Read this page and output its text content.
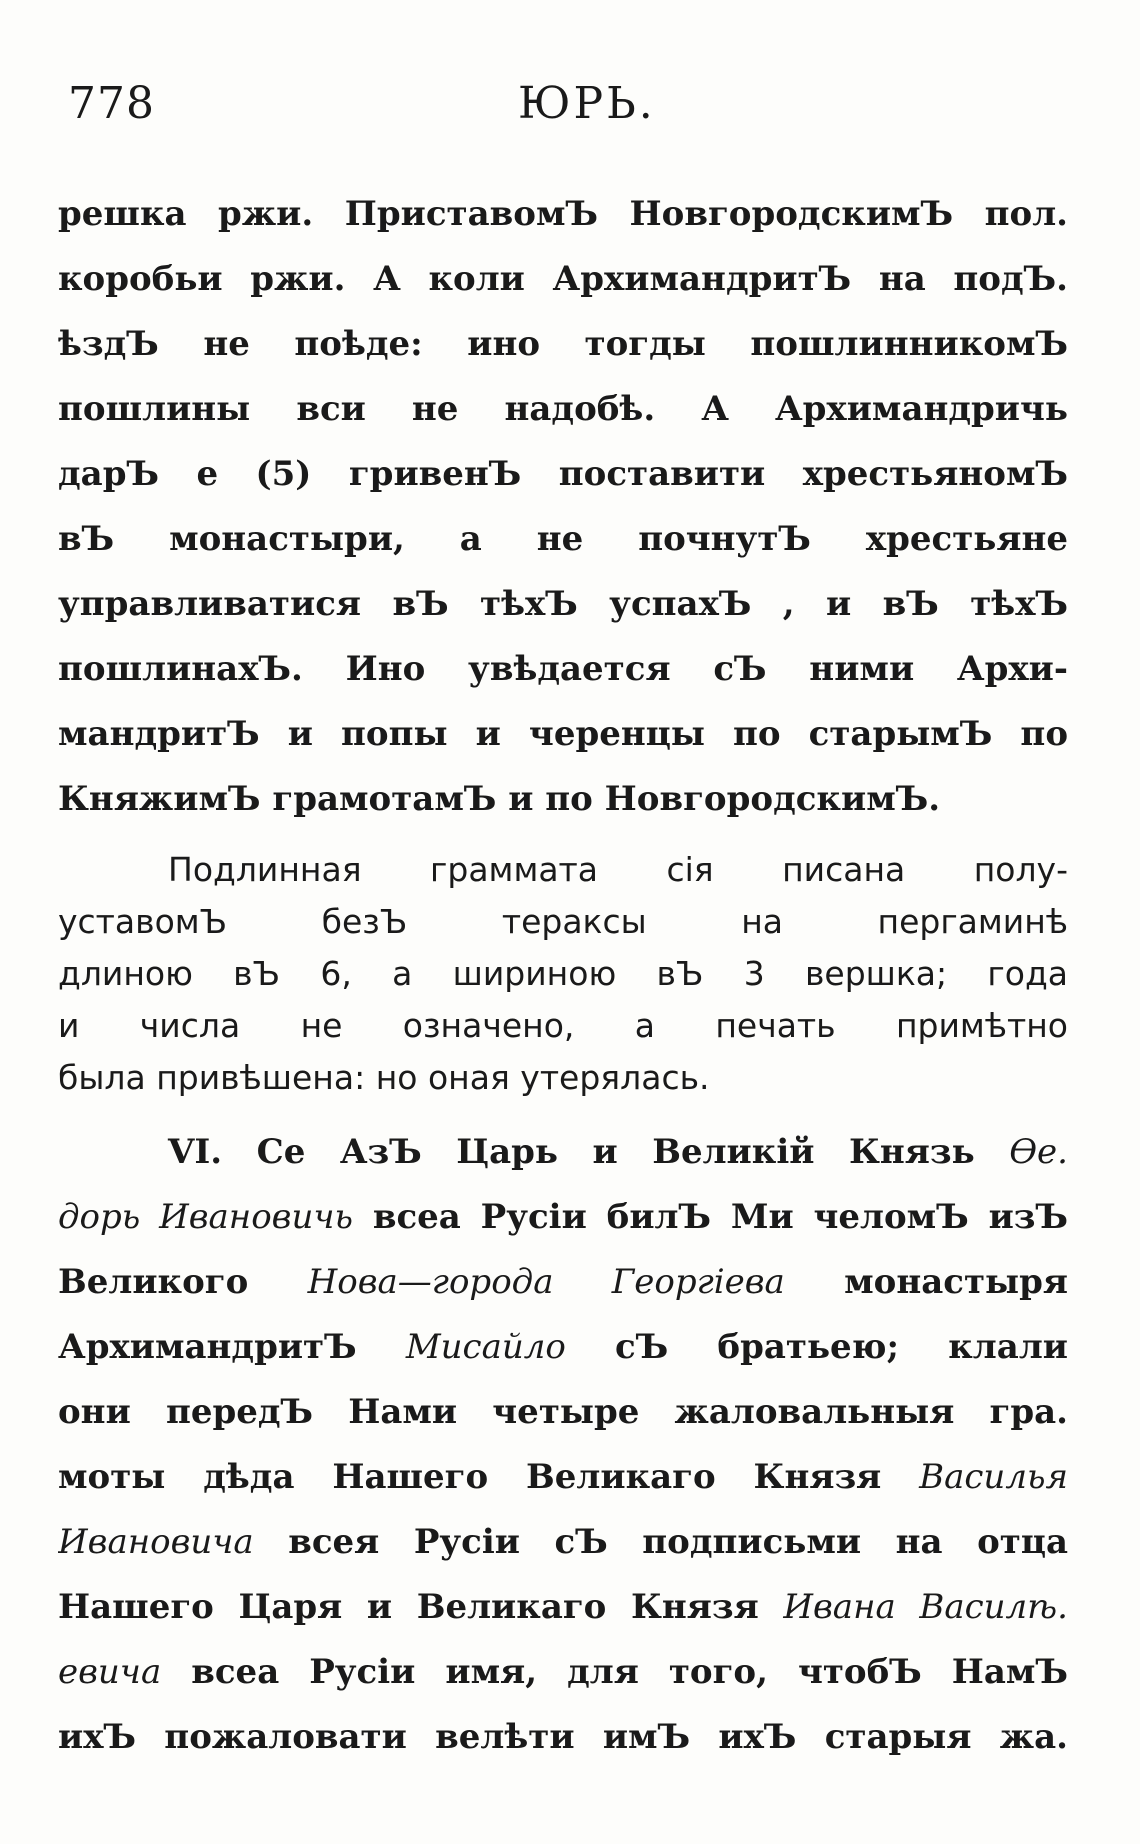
778	ЮРЬ.
решка ржи. ПриставомЪ НовгородскимЪ пол.
коробьи ржи. А коли АрхимандритЪ на подЪ.
ѣздЪ не поѣде: ино тогды пошлинникомЪ
пошлины вси не надобѣ. А Архимандричь
дарЪ е (5) гривенЪ поставити хрестьяномЪ
вЪ монастыри, а не почнутЪ хрестьяне
управливатися вЪ тѣхЪ успахЪ , и вЪ тѣхЪ
пошлинахЪ. Ино увѣдается сЪ ними Архи-
мандритЪ и попы и черенцы по старымЪ по
КняжимЪ грамотамЪ и по НовгородскимЪ.
Подлинная граммата сія писана полу-
уставомЪ безЪ тераксы на пергаминѣ
длиною вЪ 6, а шириною вЪ 3 вершка; года
и числа не означено, а печать примѣтно
была привѣшена: но оная утерялась.
VI. Се АзЪ Царь и Великій Князь Ѳе.
дорь Ивановичь всеа Русіи билЪ Ми челомЪ изЪ
Великого Нова—города Георгіева монастыря
АрхимандритЪ Мисайло сЪ братьею; клали
они передЪ Нами четыре жаловальныя гра.
моты дѣда Нашего Великаго Князя Василья
Ивановича всея Русіи сЪ подписьми на отца
Нашего Царя и Великаго Князя Ивана Василѣ.
евича всеа Русіи имя, для того, чтобЪ НамЪ
ихЪ пожаловати велѣти имЪ ихЪ старыя жа.
